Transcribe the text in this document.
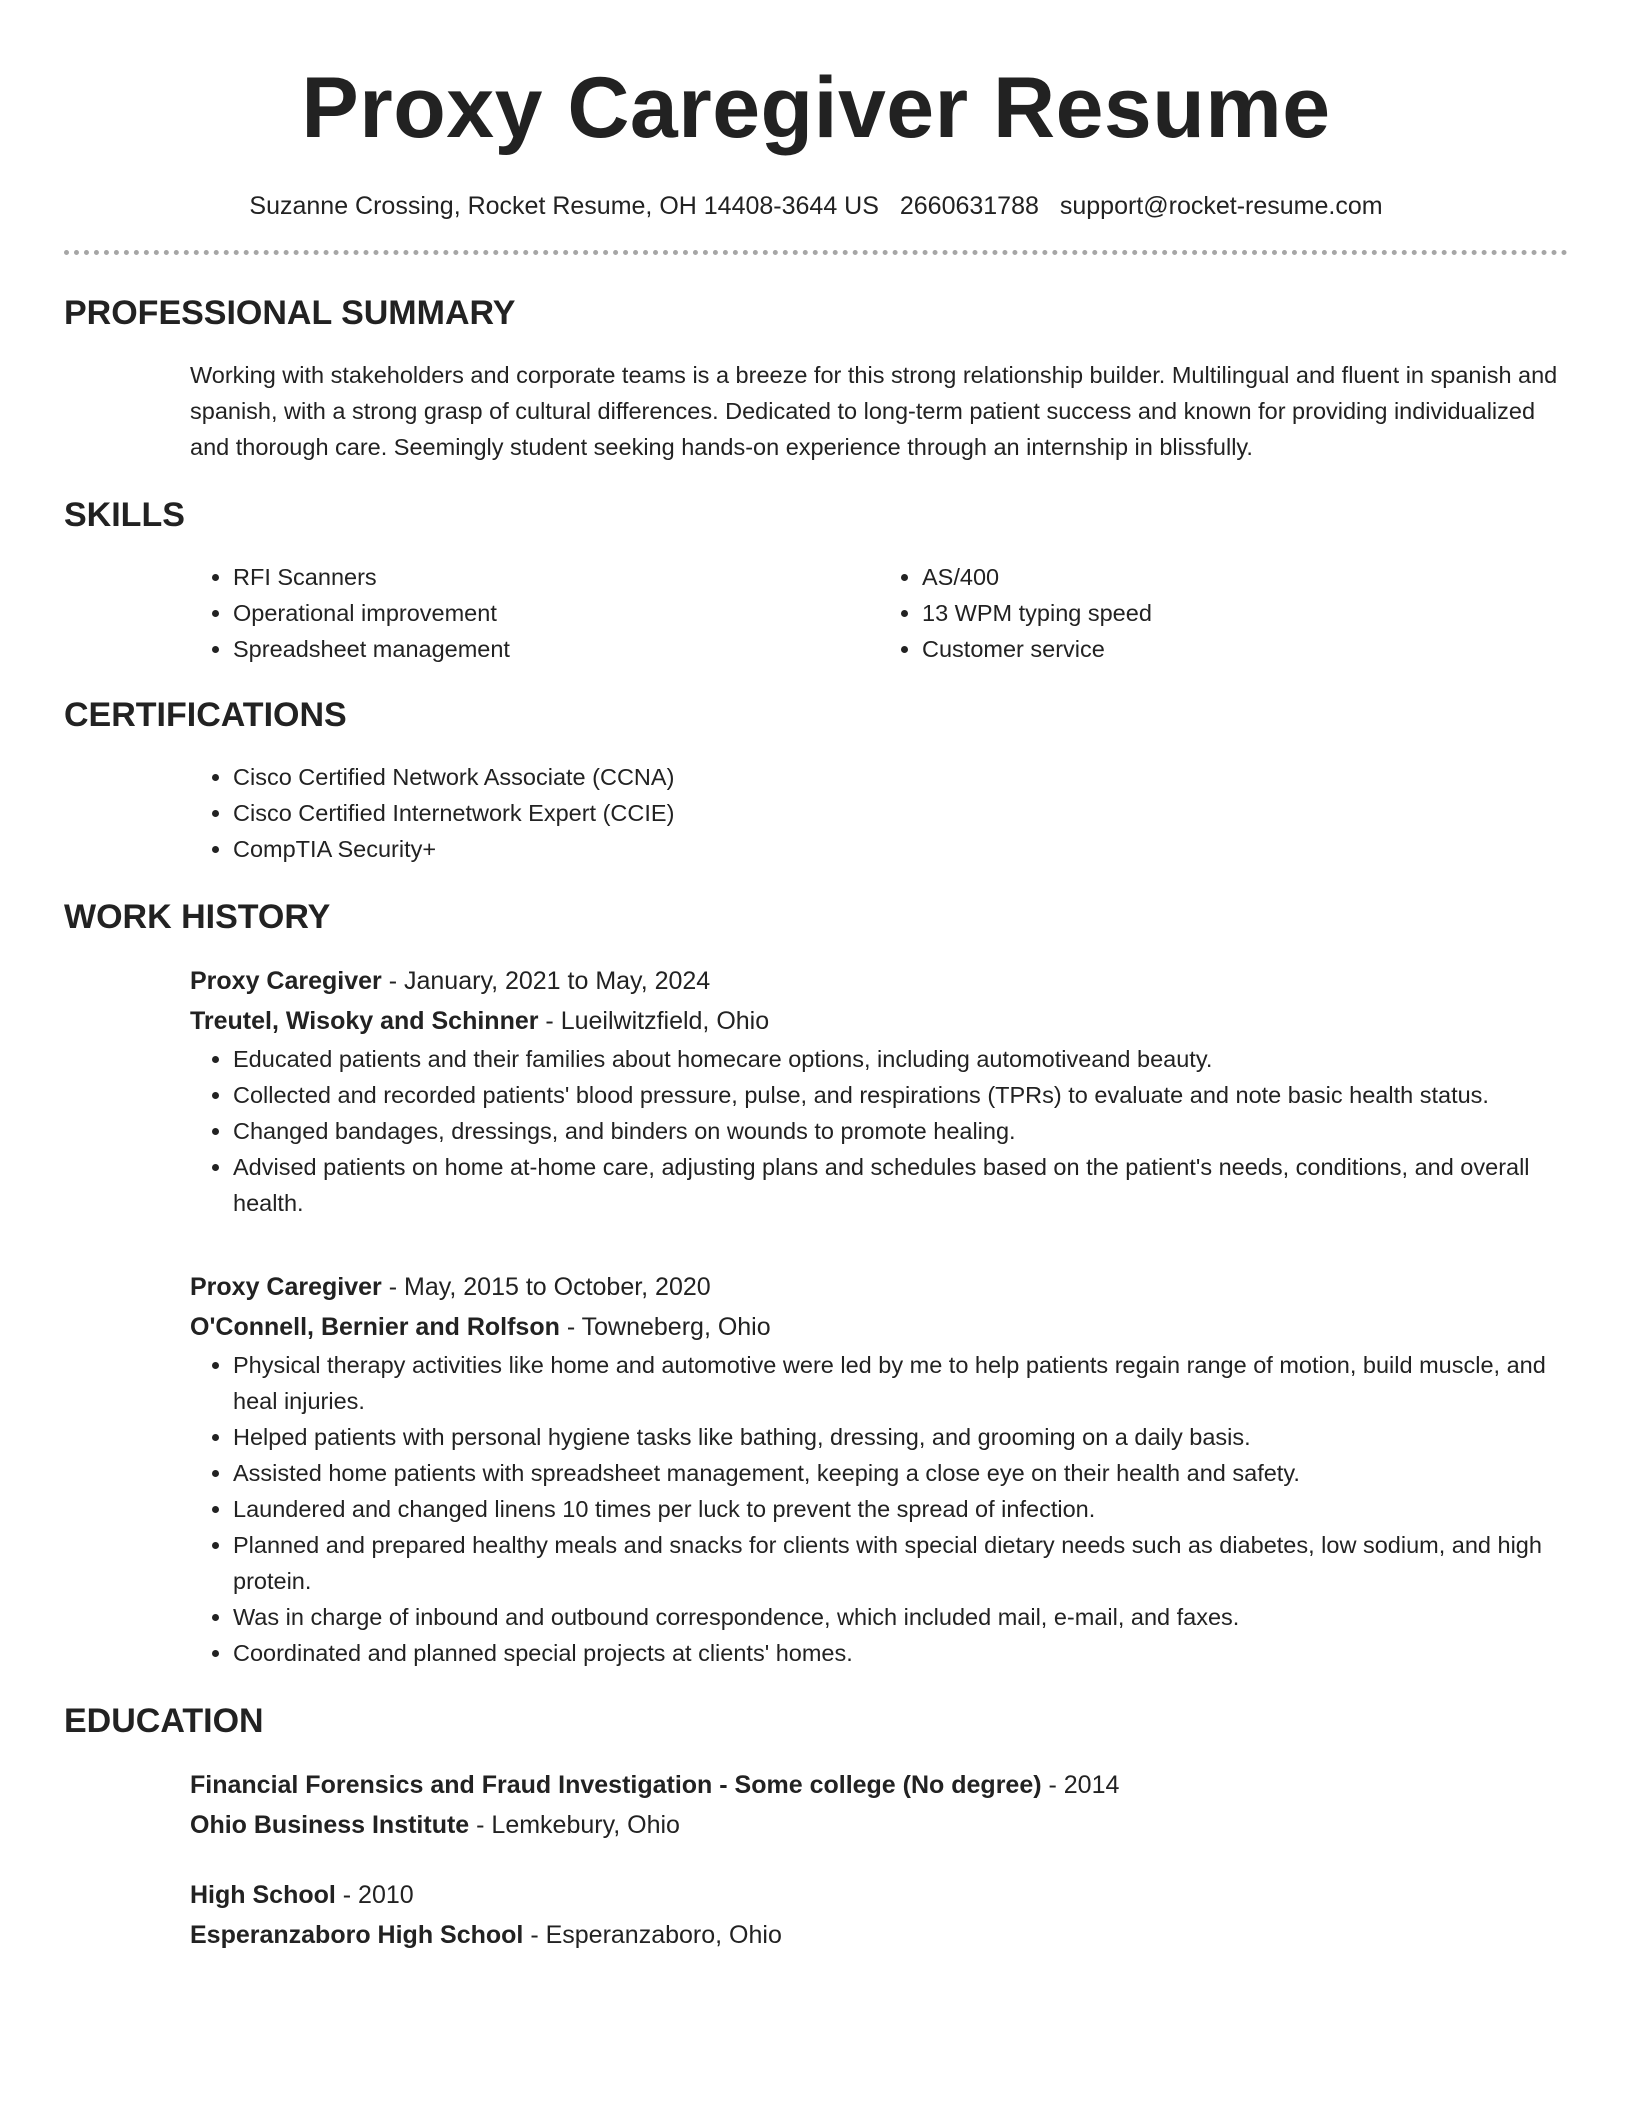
Proxy Caregiver Resume
Suzanne Crossing, Rocket Resume, OH 14408-3644 US 2660631788 support@rocket-resume.com
PROFESSIONAL SUMMARY
Working with stakeholders and corporate teams is a breeze for this strong relationship builder. Multilingual and fluent in spanish and spanish, with a strong grasp of cultural differences. Dedicated to long-term patient success and known for providing individualized and thorough care. Seemingly student seeking hands-on experience through an internship in blissfully.
SKILLS
• RFI Scanners
• Operational improvement
• Spreadsheet management
• AS/400
• 13 WPM typing speed
• Customer service
CERTIFICATIONS
• Cisco Certified Network Associate (CCNA)
• Cisco Certified Internetwork Expert (CCIE)
• CompTIA Security+
WORK HISTORY
Proxy Caregiver - January, 2021 to May, 2024
Treutel, Wisoky and Schinner - Lueilwitzfield, Ohio
• Educated patients and their families about homecare options, including automotiveand beauty.
• Collected and recorded patients' blood pressure, pulse, and respirations (TPRs) to evaluate and note basic health status.
• Changed bandages, dressings, and binders on wounds to promote healing.
• Advised patients on home at-home care, adjusting plans and schedules based on the patient's needs, conditions, and overall health.
Proxy Caregiver - May, 2015 to October, 2020
O'Connell, Bernier and Rolfson - Towneberg, Ohio
• Physical therapy activities like home and automotive were led by me to help patients regain range of motion, build muscle, and heal injuries.
• Helped patients with personal hygiene tasks like bathing, dressing, and grooming on a daily basis.
• Assisted home patients with spreadsheet management, keeping a close eye on their health and safety.
• Laundered and changed linens 10 times per luck to prevent the spread of infection.
• Planned and prepared healthy meals and snacks for clients with special dietary needs such as diabetes, low sodium, and high protein.
• Was in charge of inbound and outbound correspondence, which included mail, e-mail, and faxes.
• Coordinated and planned special projects at clients' homes.
EDUCATION
Financial Forensics and Fraud Investigation - Some college (No degree) - 2014
Ohio Business Institute - Lemkebury, Ohio
High School - 2010
Esperanzaboro High School - Esperanzaboro, Ohio
